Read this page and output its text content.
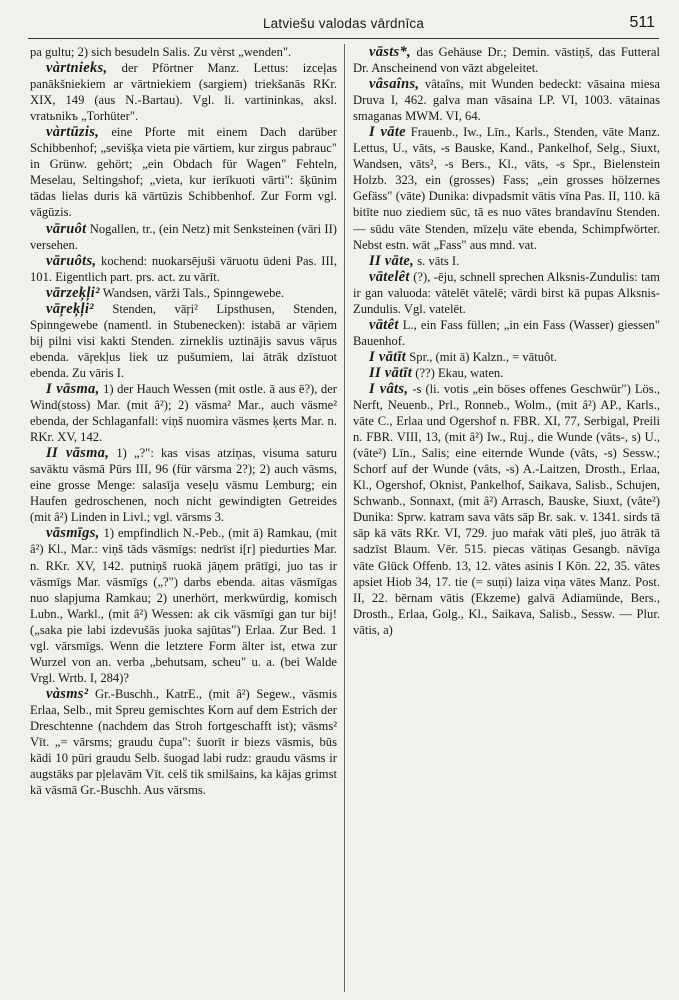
Latviešu valodas vārdnīca	511

pa gultu; 2) sich besudeln Salis. Zu vèrst „wenden".

vàrtnieks, der Pförtner Manz. Lettus: izceļas panākšniekiem ar vārtniekiem (sargiem) triekšanās RKr. XIX, 149 (aus N.-Bartau). Vgl. li. vartininkas, aksl. vratьnikъ „Torhüter".

vàrtūzis, eine Pforte mit einem Dach darüber Schibbenhof; „sevišķa vieta pie vārtiem, kur zirgus pabrauc" in Grünw. gehört; „ein Obdach für Wagen" Fehteln, Meselau, Seltingshof; „vieta, kur ierīkuoti vārti": šķūnim tādas lielas duris kā vārtūzis Schibbenhof. Zur Form vgl. vāgūzis.

vāruôt Nogallen, tr., (ein Netz) mit Senksteinen (vāri II) versehen.

vāruôts, kochend: nuokarsējuši vāruotu ūdeni Pas. III, 101. Eigentlich part. prs. act. zu vārīt.

vārzeķļi² Wandsen, vārži Tals., Spinngewebe.

vāŗeķļi² Stenden, vāŗi² Lipsthusen, Stenden, Spinngewebe (namentl. in Stubenecken): istabā ar vāŗiem bij pilni visi kakti Stenden. zirneklis uztinājis savus vāŗus ebenda. vāŗekļus liek uz pušumiem, lai ātrāk dzīstuot ebenda. Zu vāris I.

I vāsma, 1) der Hauch Wessen (mit ostle. ā aus ē?), der Wind(stoss) Mar. (mit â²); 2) väsma² Mar., auch väsme² ebenda, der Schlaganfall: viņš nuomira väsmes ķerts Mar. n. RKr. XV, 142.

II vāsma, 1) „?": kas visas atziņas, visuma saturu savāktu vāsmā Pūrs III, 96 (für vārsma 2?); 2) auch vāsms, eine grosse Menge: salasīja veseļu vāsmu Lemburg; ein Haufen gedroschenen, noch nicht gewindigten Getreides (mit â²) Linden in Livl.; vgl. vārsms 3.

vāsmīgs, 1) empfindlich N.-Peb., (mit ā) Ramkau, (mit â²) Kl., Mar.: viņš tāds vāsmīgs: nedrīst i[r] piedurties Mar. n. RKr. XV, 142. putniņš ruokā jāņem prātīgi, juo tas ir vāsmīgs Mar. vāsmīgs („?") darbs ebenda. aitas vāsmīgas nuo slapjuma Ramkau; 2) unerhört, merkwürdig, komisch Lubn., Warkl., (mit â²) Wessen: ak cik vāsmīgi gan tur bij! („saka pie labi izdevušās juoka sajūtas") Erlaa. Zur Bed. 1 vgl. vārsmīgs. Wenn die letztere Form älter ist, etwa zur Wurzel von an. verba „behutsam, scheu" u. a. (bei Walde Vrgl. Wrtb. I, 284)?

vàsms² Gr.-Buschh., KatrE., (mit â²) Segew., vāsmis Erlaa, Selb., mit Spreu gemischtes Korn auf dem Estrich der Dreschtenne (nachdem das Stroh fortgeschafft ist); vāsms² Vīt. „= vārsms; graudu čupa": šuorīt ir biezs vāsmis, būs kādi 10 pūri graudu Selb. šuogad labi rudz: graudu vāsms ir augstāks par pļelavām Vīt. celš tik smilšains, ka kājas grimst kā vāsmā Gr.-Buschh. Aus vārsms.

vāsts*, das Gehäuse Dr.; Demin. vāstiņš, das Futteral Dr. Anscheinend von vāzt abgeleitet.

vâsaîns, vâtaîns, mit Wunden bedeckt: vāsaina miesa Druva I, 462. galva man vāsaina LP. VI, 1003. vātainas smaganas MWM. VI, 64.

I vāte Frauenb., Iw., Līn., Karls., Stenden, vāte Manz. Lettus, U., vāts, -s Bauske, Kand., Pankelhof, Selg., Siuxt, Wandsen, vāts², -s Bers., Kl., vāts, -s Spr., Bielenstein Holzb. 323, ein (grosses) Fass; „ein grosses hölzernes Gefäss" (vāte) Dunika: divpadsmit vātis vīna Pas. II, 110. kā bitīte nuo ziediem sūc, tā es nuo vātes brandavīnu Stenden. — sūdu vāte Stenden, mīzeļu vāte ebenda, Schimpfwörter. Nebst estn. wāt „Fass" aus mnd. vat.

II vāte, s. vāts I.

vātelêt (?), -ēju, schnell sprechen Alksnis-Zundulis: tam ir gan valuoda: vātelēt vātelē; vārdi birst kā pupas Alksnis-Zundulis. Vgl. vatelēt.

vātêt L., ein Fass füllen; „in ein Fass (Wasser) giessen" Bauenhof.

I vātīt Spr., (mit ā) Kalzn., = vātuôt.

II vātīt (??) Ekau, waten.

I vâts, -s (li. votis „ein böses offenes Geschwür") Lös., Nerft, Neuenb., Prl., Ronneb., Wolm., (mit â²) AP., Karls., vāte C., Erlaa und Ogershof n. FBR. XI, 77, Serbigal, Preili n. FBR. VIII, 13, (mit â²) Iw., Ruj., die Wunde (vâts-, s) U., (vâte²) Līn., Salis; eine eiternde Wunde (vâts, -s) Sessw.; Schorf auf der Wunde (vâts, -s) A.-Laitzen, Drosth., Erlaa, Kl., Ogershof, Oknist, Pankelhof, Saikava, Salisb., Schujen, Schwanb., Sonnaxt, (mit â²) Arrasch, Bauske, Siuxt, (vâte²) Dunika: Sprw. katram sava vāts sāp Br. sak. v. 1341. sirds tā sāp kā vāts RKr. VI, 729. juo maṙak vāti pleš, juo ātrāk tā sadzīst Blaum. Vēr. 515. piecas vātiņas Gesangb. nāvīga vāte Glück Offenb. 13, 12. vātes asinis I Kōn. 22, 35. vātes apsiet Hiob 34, 17. tie (= suņi) laiza viņa vātes Manz. Post. II, 22. bērnam vātis (Ekzeme) galvā Adiamünde, Bers., Drosth., Erlaa, Golg., Kl., Saikava, Salisb., Sessw. — Plur. vātis, a)
